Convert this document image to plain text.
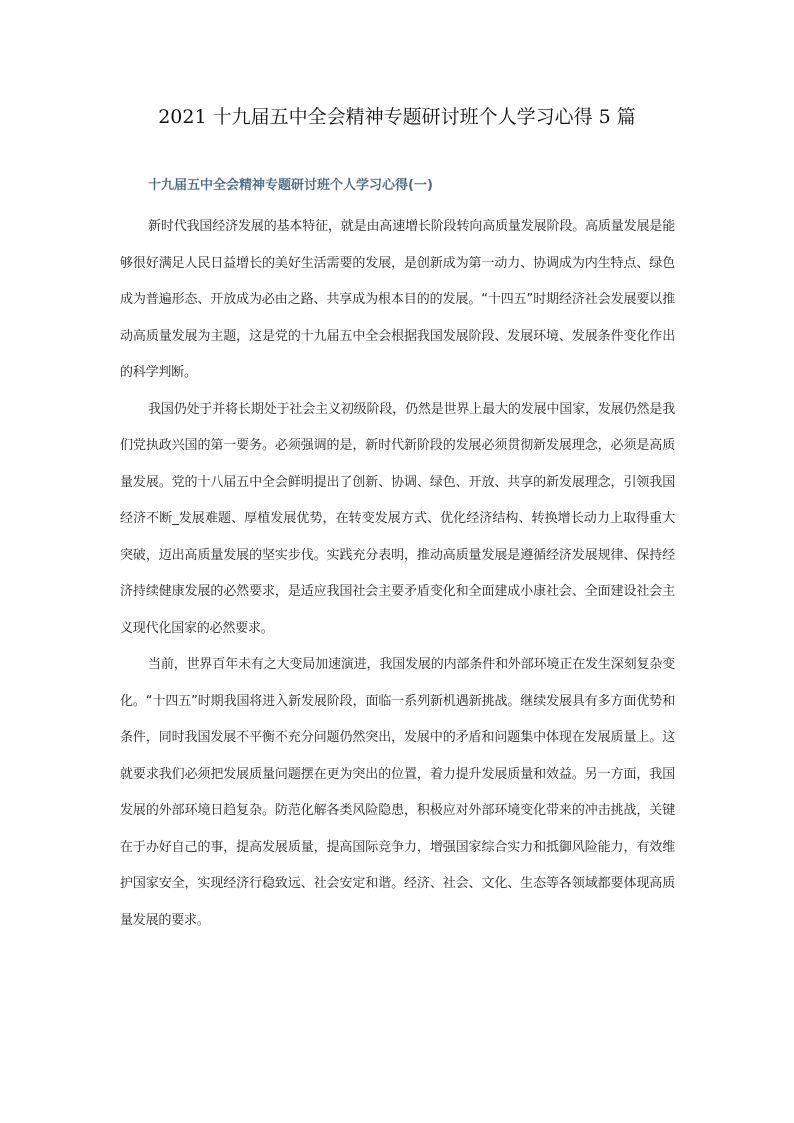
2021 十九届五中全会精神专题研讨班个人学习心得 5 篇
十九届五中全会精神专题研讨班个人学习心得(一)

新时代我国经济发展的基本特征，就是由高速增长阶段转向高质量发展阶段。高质量发展是能够很好满足人民日益增长的美好生活需要的发展，是创新成为第一动力、协调成为内生特点、绿色成为普遍形态、开放成为必由之路、共享成为根本目的的发展。“十四五”时期经济社会发展要以推动高质量发展为主题，这是党的十九届五中全会根据我国发展阶段、发展环境、发展条件变化作出的科学判断。

我国仍处于并将长期处于社会主义初级阶段，仍然是世界上最大的发展中国家，发展仍然是我们党执政兴国的第一要务。必须强调的是，新时代新阶段的发展必须贯彻新发展理念，必须是高质量发展。党的十八届五中全会鲜明提出了创新、协调、绿色、开放、共享的新发展理念，引领我国经济不断_发展难题、厚植发展优势，在转变发展方式、优化经济结构、转换增长动力上取得重大突破，迈出高质量发展的坚实步伐。实践充分表明，推动高质量发展是遵循经济发展规律、保持经济持续健康发展的必然要求，是适应我国社会主要矛盾变化和全面建成小康社会、全面建设社会主义现代化国家的必然要求。

当前，世界百年未有之大变局加速演进，我国发展的内部条件和外部环境正在发生深刻复杂变化。“十四五”时期我国将进入新发展阶段，面临一系列新机遇新挑战。继续发展具有多方面优势和条件，同时我国发展不平衡不充分问题仍然突出，发展中的矛盾和问题集中体现在发展质量上。这就要求我们必须把发展质量问题摆在更为突出的位置，着力提升发展质量和效益。另一方面，我国发展的外部环境日趋复杂。防范化解各类风险隐患，积极应对外部环境变化带来的冲击挑战，关键在于办好自己的事，提高发展质量，提高国际竞争力，增强国家综合实力和抵御风险能力，有效维护国家安全，实现经济行稳致远、社会安定和谐。经济、社会、文化、生态等各领域都要体现高质量发展的要求。
